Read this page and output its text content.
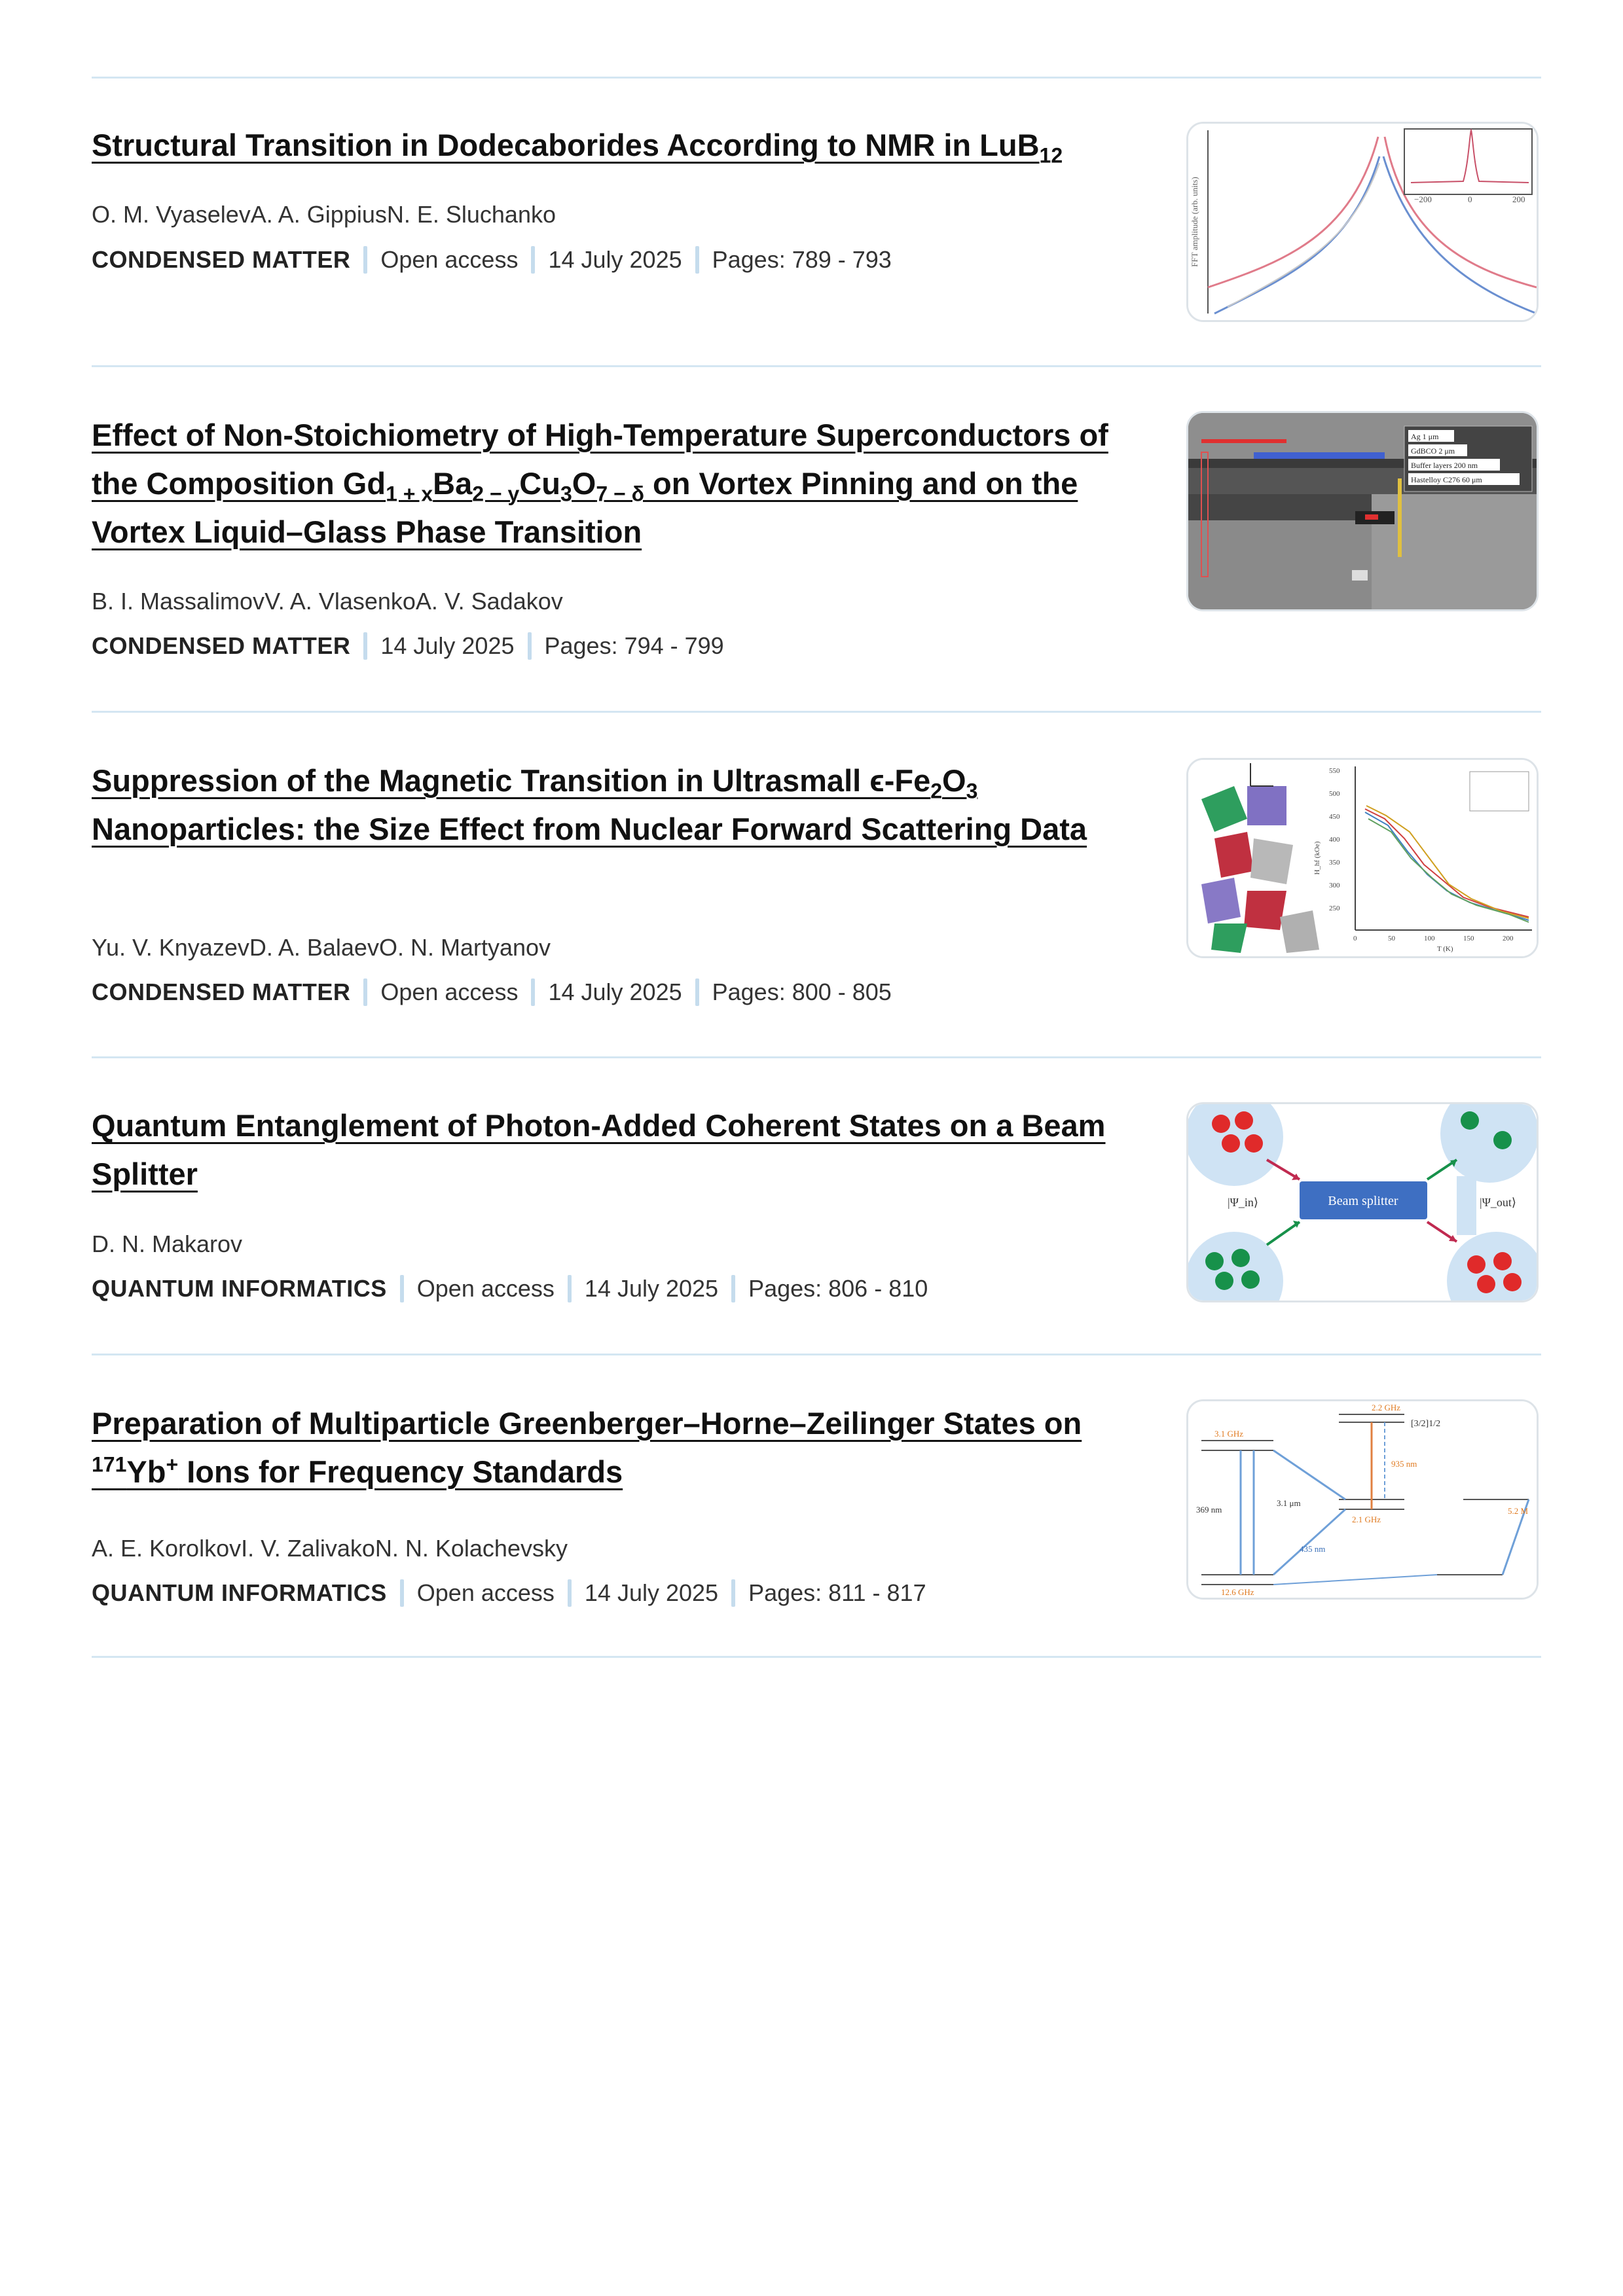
Structural Transition in Dodecaborides According to NMR in LuB$_{12}$
O. M. VyaselevA. A. GippiusN. E. Sluchanko
CONDENSED MATTER Open access 14 July 2025 Pages: 789 - 793	FFT amplitude (arb. units)	−200	0	200
Effect of Non-Stoichiometry of High-Temperature Superconductors of the Composition $Gd_{1 + x}Ba_{2 - y}Cu_3O_{7 - \delta}$ on Vortex Pinning and on the Vortex Liquid–Glass Phase Transition
B. I. MassalimovV. A. VlasenkoA. V. Sadakov
CONDENSED MATTER 14 July 2025 Pages: 794 - 799
Ag 1 μm
GdBCO 2 μm
Buffer layers 200 nm
Hastelloy C276 60 μm
Suppression of the Magnetic Transition in Ultrasmall $\epsilon-Fe_2O_3$ Nanoparticles: the Size Effect from Nuclear Forward Scattering Data
Yu. V. KnyazevD. A. BalaevO. N. Martyanov
CONDENSED MATTER Open access 14 July 2025 Pages: 800 - 805
550
500
450
400
350
300
250
H_hf (kOe)
0	50	100	150	200
T (K)
Quantum Entanglement of Photon-Added Coherent States on a Beam Splitter
D. N. Makarov
QUANTUM INFORMATICS Open access 14 July 2025 Pages: 806 - 810
Beam splitter
|Ψ_in⟩	|Ψ_out⟩
Preparation of Multiparticle Greenberger–Horne–Zeilinger States on $^{171}$Yb+ Ions for Frequency Standards
A. E. KorolkovI. V. ZalivakoN. N. Kolachevsky
QUANTUM INFORMATICS Open access 14 July 2025 Pages: 811 - 817
2.2 GHz
3.1 GHz
935 nm
369 nm
2.1 GHz
12.6 GHz
435 nm
[3/2]1/2
3.1 μm
5.2 M
